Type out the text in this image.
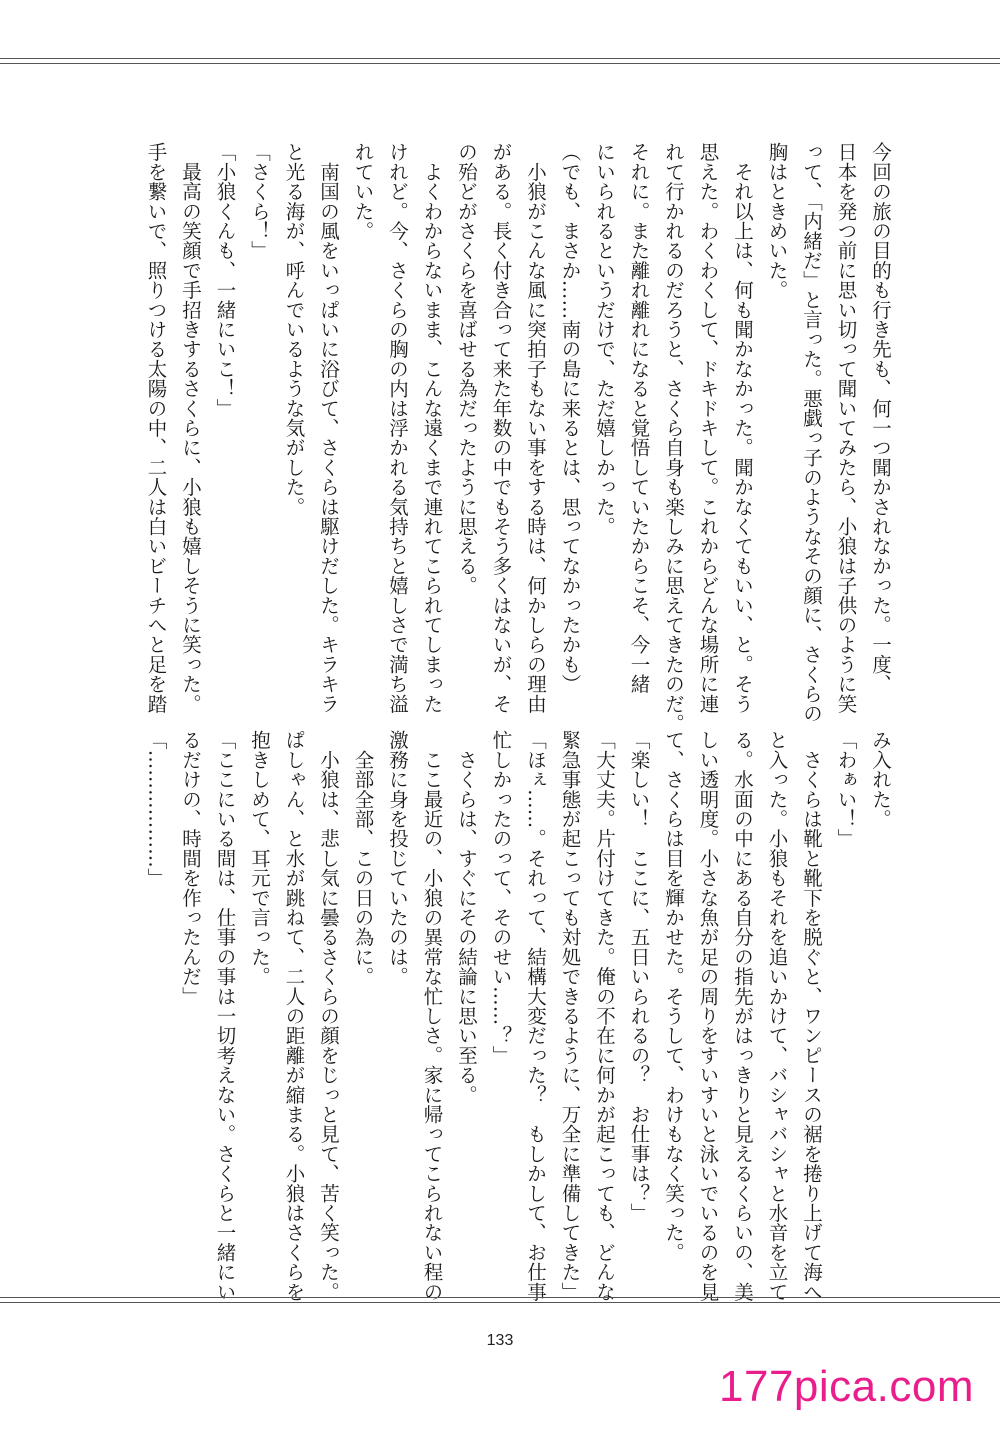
今回の旅の目的も行き先も、何一つ聞かされなかった。一度、
日本を発つ前に思い切って聞いてみたら、小狼は子供のように笑
って、「内緒だ」と言った。悪戯っ子のようなその顔に、さくらの
胸はときめいた。
　それ以上は、何も聞かなかった。聞かなくてもいい、と。そう
思えた。わくわくして、ドキドキして。これからどんな場所に連
れて行かれるのだろうと、さくら自身も楽しみに思えてきたのだ。
それに。また離れ離れになると覚悟していたからこそ、今一緒
にいられるというだけで、ただ嬉しかった。
（でも、まさか……南の島に来るとは、思ってなかったかも）
　小狼がこんな風に突拍子もない事をする時は、何かしらの理由
がある。長く付き合って来た年数の中でもそう多くはないが、そ
の殆どがさくらを喜ばせる為だったように思える。
　よくわからないまま、こんな遠くまで連れてこられてしまった
けれど。今、さくらの胸の内は浮かれる気持ちと嬉しさで満ち溢
れていた。
　南国の風をいっぱいに浴びて、さくらは駆けだした。キラキラ
と光る海が、呼んでいるような気がした。
「さくら！」
「小狼くんも、一緒にいこ！」
　最高の笑顔で手招きするさくらに、小狼も嬉しそうに笑った。
手を繋いで、照りつける太陽の中、二人は白いビーチへと足を踏
み入れた。
「わぁい！」
　さくらは靴と靴下を脱ぐと、ワンピースの裾を捲り上げて海へ
と入った。小狼もそれを追いかけて、バシャバシャと水音を立て
る。水面の中にある自分の指先がはっきりと見えるくらいの、美
しい透明度。小さな魚が足の周りをすいすいと泳いでいるのを見
て、さくらは目を輝かせた。そうして、わけもなく笑った。
「楽しい！　ここに、五日いられるの？　お仕事は？」
「大丈夫。片付けてきた。俺の不在に何かが起こっても、どんな
緊急事態が起こっても対処できるように、万全に準備してきた」
「ほぇ……。それって、結構大変だった？　もしかして、お仕事
忙しかったのって、そのせい……？」
　さくらは、すぐにその結論に思い至る。
　ここ最近の、小狼の異常な忙しさ。家に帰ってこられない程の
激務に身を投じていたのは。
　全部全部、この日の為に。
　小狼は、悲し気に曇るさくらの顔をじっと見て、苦く笑った。
ぱしゃん、と水が跳ねて、二人の距離が縮まる。小狼はさくらを
抱きしめて、耳元で言った。
「ここにいる間は、仕事の事は一切考えない。さくらと一緒にい
るだけの、時間を作ったんだ」
「………………」
133
177pica.com
